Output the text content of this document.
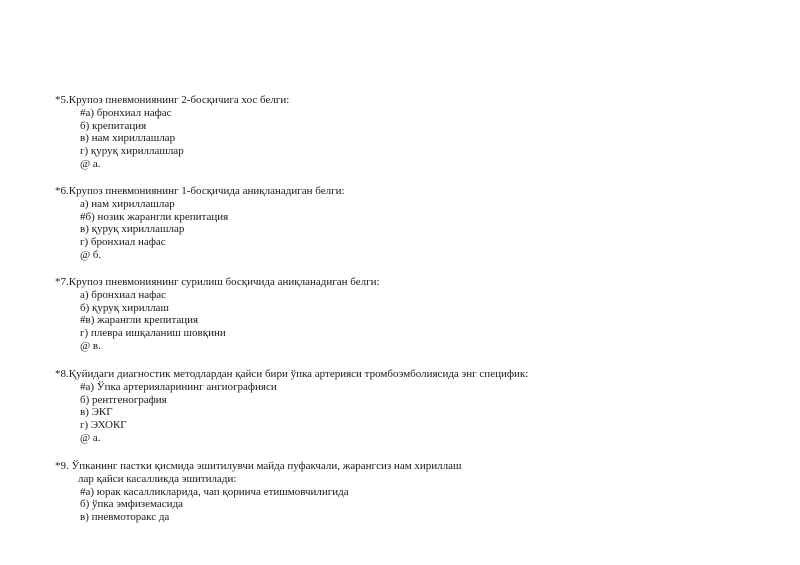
*5.Крупоз пневмониянинг 2-босқичига хос белги:
#а) бронхиал нафас
б) крепитация
в) нам хириллашлар
г) қуруқ хириллашлар
@ а.
*6.Крупоз пневмониянинг 1-босқичида аниқланадиган белги:
а) нам хириллашлар
#б) нозик жарангли крепитация
в) қуруқ хириллашлар
г) бронхиал нафас
@ б.
*7.Крупоз пневмониянинг сурилиш босқичида аниқланадиган белги:
а) бронхиал нафас
б) қуруқ хириллаш
#в) жарангли крепитация
г) плевра ишқаланиш шовқини
@ в.
*8.Қуйидаги диагностик методлардан қайси бири ўпка артерияси тромбоэмболиясида энг специфик:
#а) Ўпка артерияларининг ангиографияси
б) рентгенография
в) ЭКГ
г) ЭХОКГ
@ а.
*9. Ўпканинг пастки қисмида эшитилувчи майда пуфакчали, жарангсиз нам хириллаш
лар қайси касалликда эшитилади:
#а) юрак касалликларида, чап қоринча етишмовчилигида
б) ўпка эмфиземасида
в) пневмоторакс да
